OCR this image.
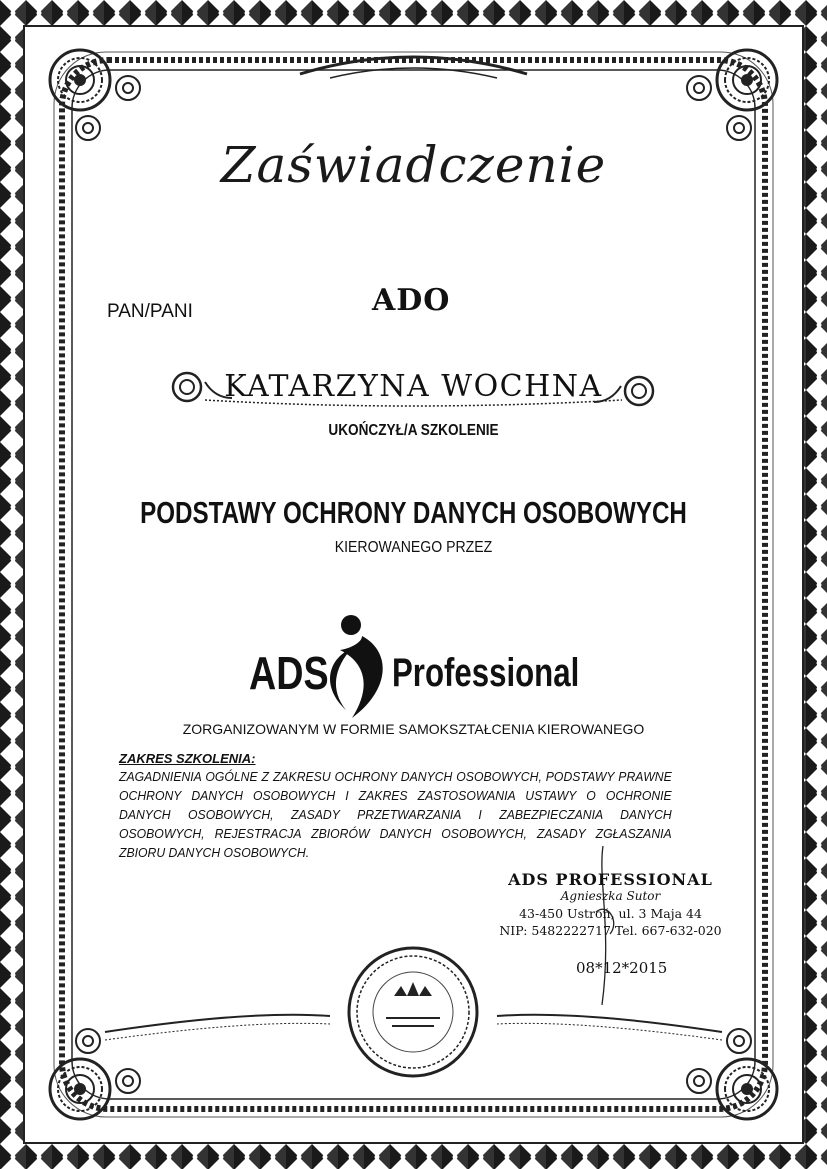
Zaświadczenie
PAN/PANI	ADO
KATARZYNA WOCHNA
UKOŃCZYŁ/A SZKOLENIE
PODSTAWY OCHRONY DANYCH OSOBOWYCH
KIEROWANEGO PRZEZ
ADS Professional
ZORGANIZOWANYM W FORMIE SAMOKSZTAŁCENIA KIEROWANEGO
ZAKRES SZKOLENIA:
ZAGADNIENIA OGÓLNE Z ZAKRESU OCHRONY DANYCH OSOBOWYCH, PODSTAWY PRAWNE OCHRONY DANYCH OSOBOWYCH I ZAKRES ZASTOSOWANIA USTAWY O OCHRONIE DANYCH OSOBOWYCH, ZASADY PRZETWARZANIA I ZABEZPIECZANIA DANYCH OSOBOWYCH, REJESTRACJA ZBIORÓW DANYCH OSOBOWYCH, ZASADY ZGŁASZANIA ZBIORU DANYCH OSOBOWYCH.
ADS PROFESSIONAL
Agnieszka Sutor
43-450 Ustroń, ul. 3 Maja 44
NIP: 5482222717 Tel. 667-632-020
08*12*2015
